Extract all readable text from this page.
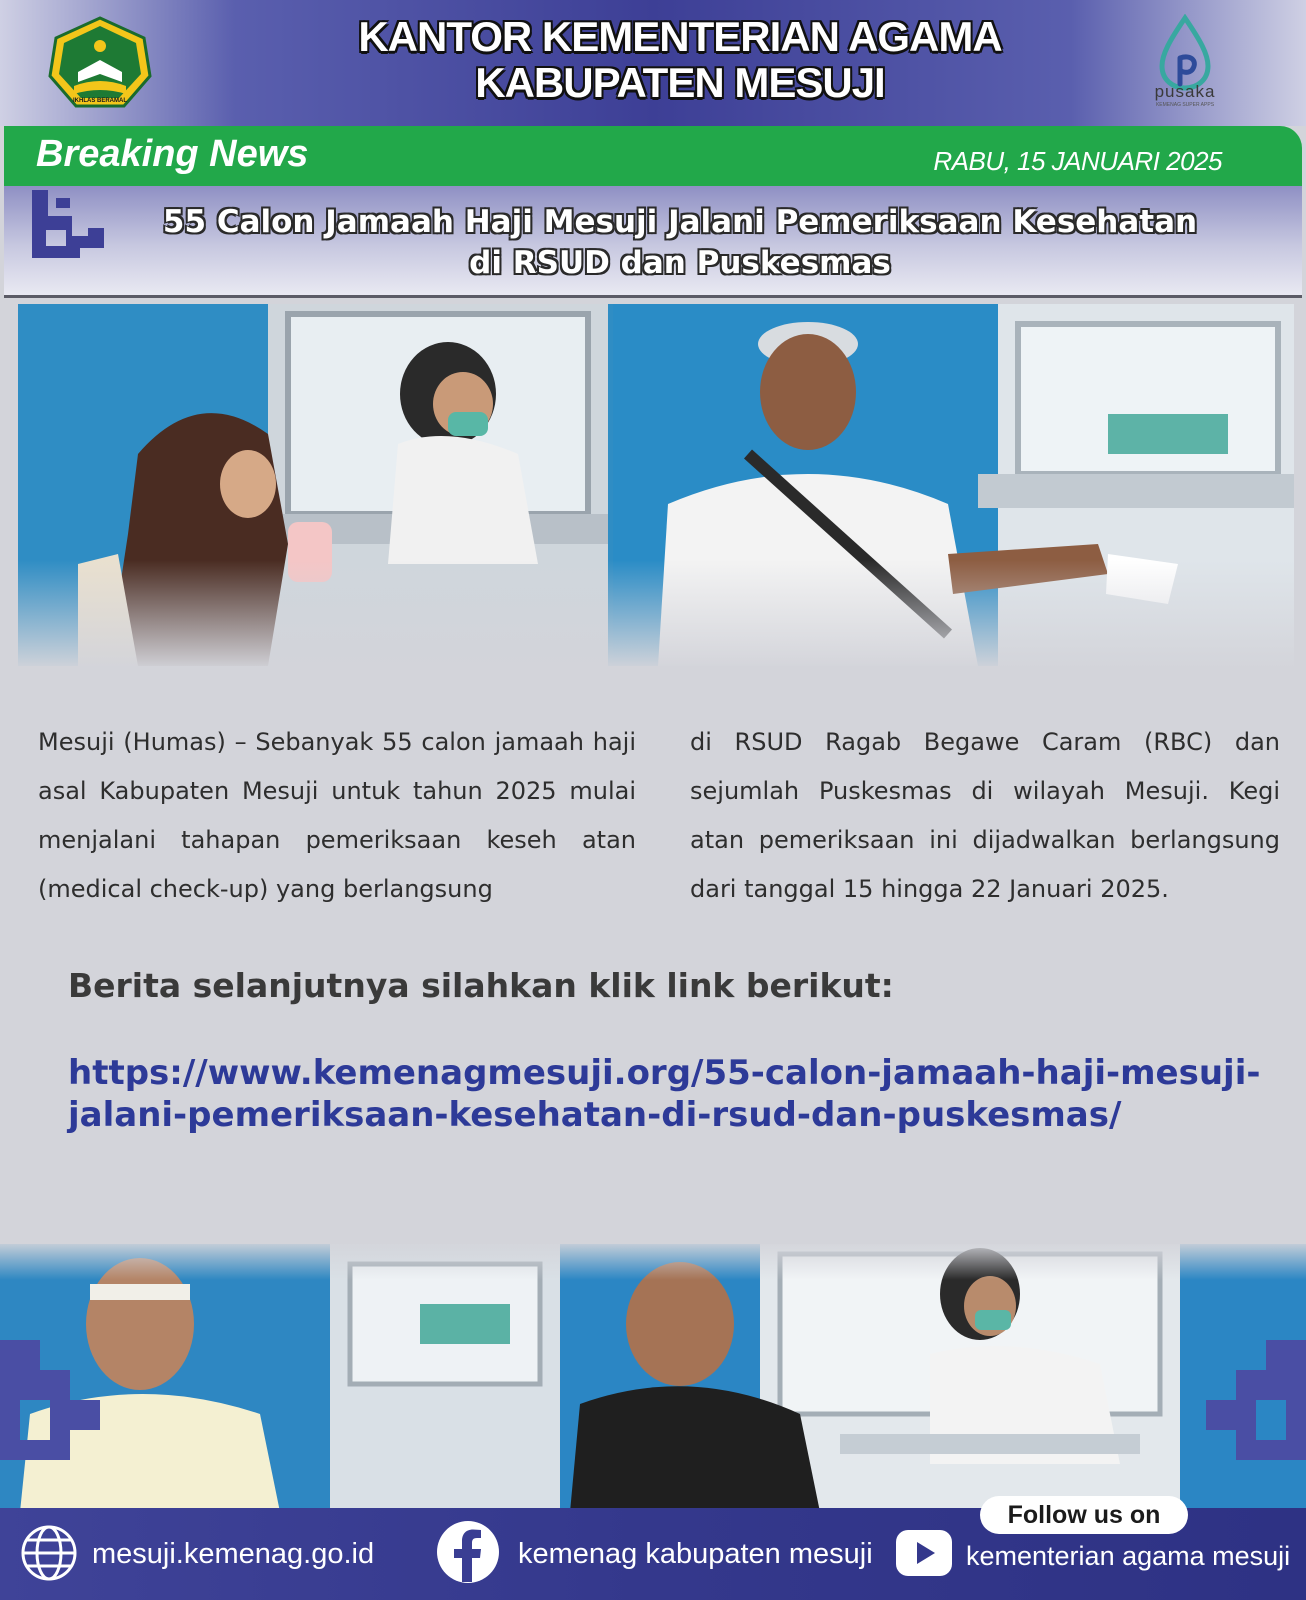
IKHLAS BERAMAL
KANTOR KEMENTERIAN AGAMA
KABUPATEN MESUJI	pusaka
KEMENAG SUPER APPS
Breaking News	RABU, 15 JANUARI 2025
55 Calon Jamaah Haji Mesuji Jalani Pemeriksaan Kesehatan
di RSUD dan Puskesmas
Mesuji (Humas) – Sebanyak 55 calon jamaah haji asal Kabupaten Mesuji untuk tahun 2025 mulai menjalani tahapan pemeriksaan keseh atan (medical check-up) yang berlangsung
di RSUD Ragab Begawe Caram (RBC) dan sejumlah Puskesmas di wilayah Mesuji. Kegi atan pemeriksaan ini dijadwalkan berlangsung dari tanggal 15 hingga 22 Januari 2025.
Berita selanjutnya silahkan klik link berikut:
https://www.kemenagmesuji.org/55-calon-jamaah-haji-mesuji-
jalani-pemeriksaan-kesehatan-di-rsud-dan-puskesmas/
Follow us on
mesuji.kemenag.go.id	kemenag kabupaten mesuji	kementerian agama mesuji
